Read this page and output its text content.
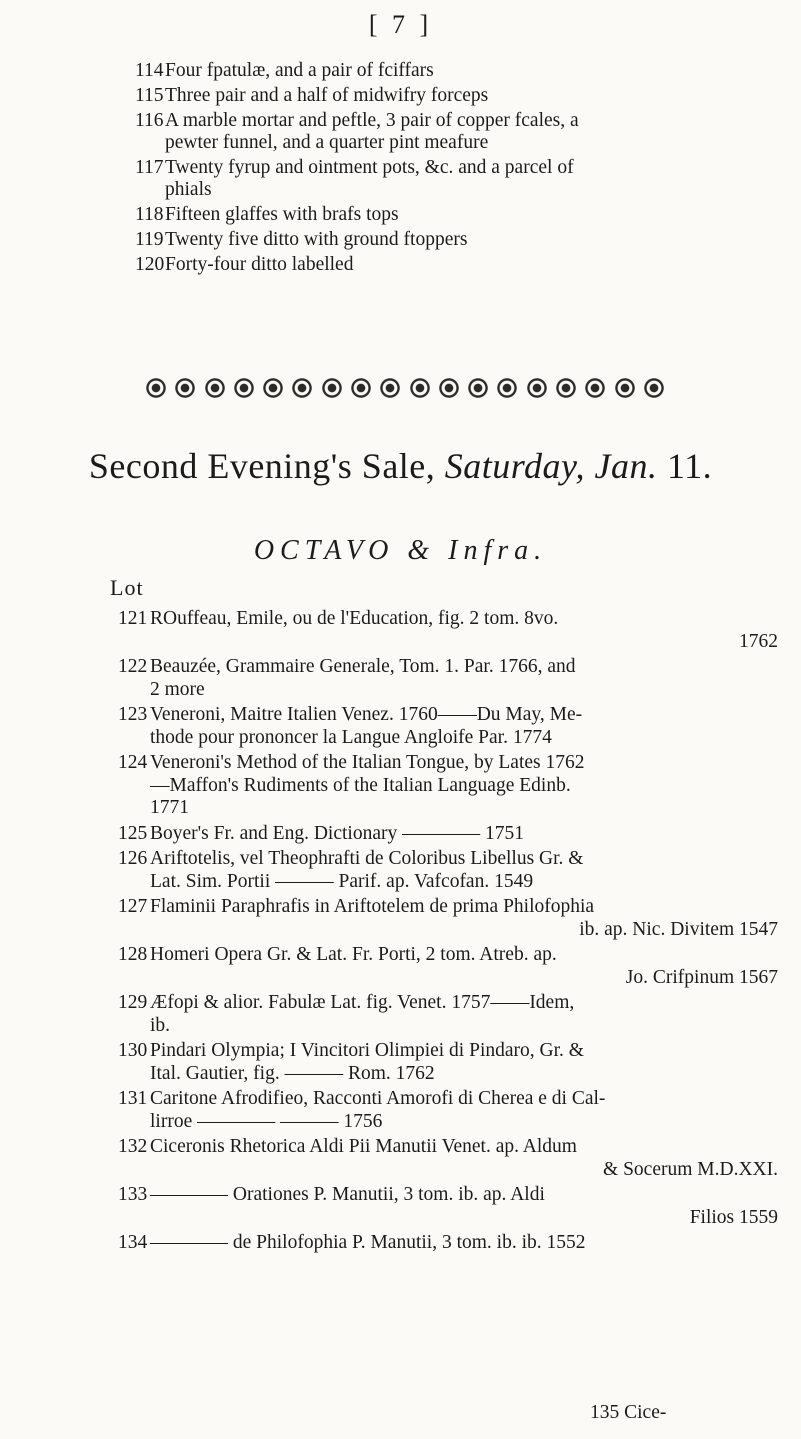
[ 7 ]
114Four fpatulæ, and a pair of fciffars
115Three pair and a half of midwifry forceps
116A marble mortar and peftle, 3 pair of copper fcales, a
pewter funnel, and a quarter pint meafure
117Twenty fyrup and ointment pots, &c. and a parcel of
phials
118Fifteen glaffes with brafs tops
119Twenty five ditto with ground ftoppers
120Forty-four ditto labelled
Second Evening's Sale, Saturday, Jan. 11.
OCTAVO & Infra.
Lot
121 ROuffeau, Emile, ou de l'Education, fig. 2 tom. 8vo.
1762
122 Beauzée, Grammaire Generale, Tom. 1. Par. 1766, and
2 more
123 Veneroni, Maitre Italien Venez. 1760——Du May, Me-
thode pour prononcer la Langue Angloife Par. 1774
124 Veneroni's Method of the Italian Tongue, by Lates 1762
—Maffon's Rudiments of the Italian Language Edinb.
1771
125 Boyer's Fr. and Eng. Dictionary ———— 1751
126 Ariftotelis, vel Theophrafti de Coloribus Libellus Gr. &
Lat. Sim. Portii ——— Parif. ap. Vafcofan. 1549
127 Flaminii Paraphrafis in Ariftotelem de prima Philofophia
ib. ap. Nic. Divitem 1547
128 Homeri Opera Gr. & Lat. Fr. Porti, 2 tom. Atreb. ap.
Jo. Crifpinum 1567
129 Æfopi & alior. Fabulæ Lat. fig. Venet. 1757——Idem,
ib.
130 Pindari Olympia; I Vincitori Olimpiei di Pindaro, Gr. &
Ital. Gautier, fig. ——— Rom. 1762
131 Caritone Afrodifieo, Racconti Amorofi di Cherea e di Cal-
lirroe ———— ——— 1756
132 Ciceronis Rhetorica Aldi Pii Manutii Venet. ap. Aldum
& Socerum M.D.XXI.
133 ———— Orationes P. Manutii, 3 tom. ib. ap. Aldi
Filios 1559
134 ———— de Philofophia P. Manutii, 3 tom. ib. ib. 1552
135 Cice-
